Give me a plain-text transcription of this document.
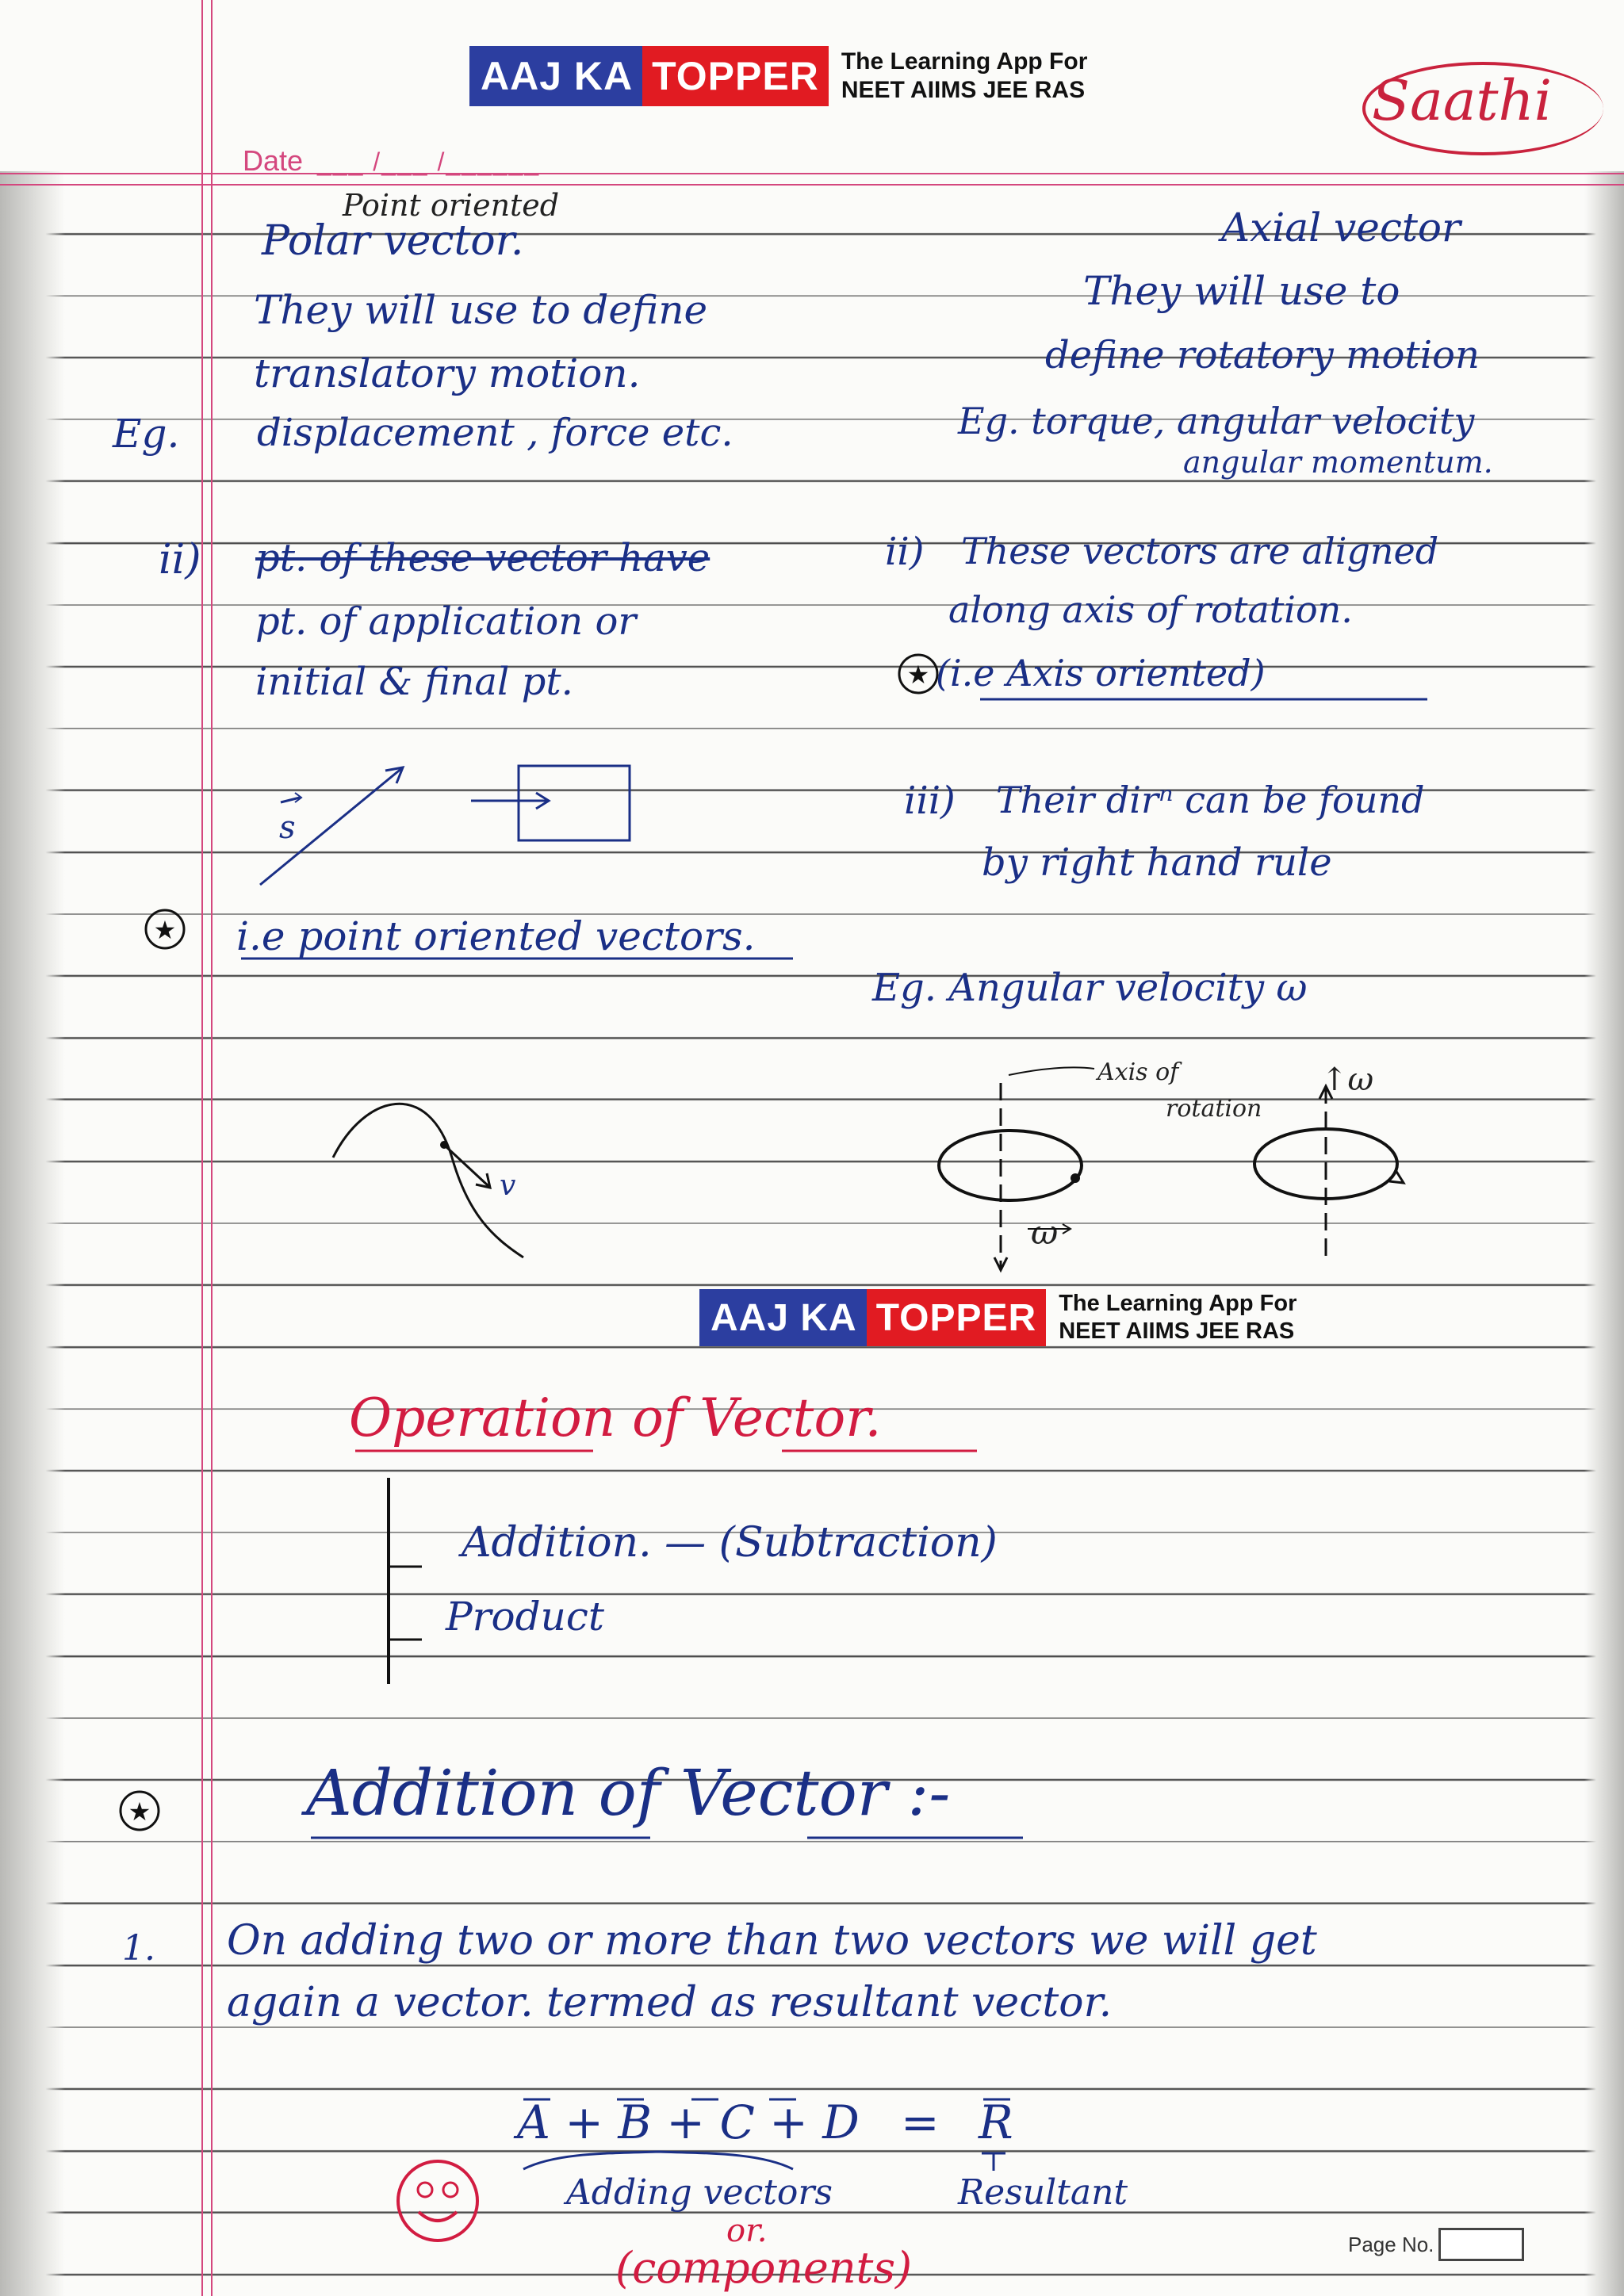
AAJ KA TOPPER The Learning App For
NEET AIIMS JEE RAS	Saathi
Date ___ /___ /______
Point oriented
Polar vector.
They will use to define
translatory motion.
Eg. displacement , force etc.
ii) pt. of these vector have
pt. of application or
initial & final pt.
s
i.e point oriented vectors.
v
Axial vector
They will use to
define rotatory motion
Eg. torque, angular velocity
angular momentum.
ii) These vectors are aligned
along axis of rotation.
(i.e Axis oriented)
iii) Their dirⁿ can be found
by right hand rule
Eg. Angular velocity ω
Axis of
rotation
↑ω
ω
AAJ KA TOPPER The Learning App For
NEET AIIMS JEE RAS
Operation of Vector.
Addition. — (Subtraction)
Product
Addition of Vector :-
1. On adding two or more than two vectors we will get
again a vector. termed as resultant vector.
A + B + C + D = R
Adding vectors
or.
(components)
Resultant
Page No.
★
★
★
